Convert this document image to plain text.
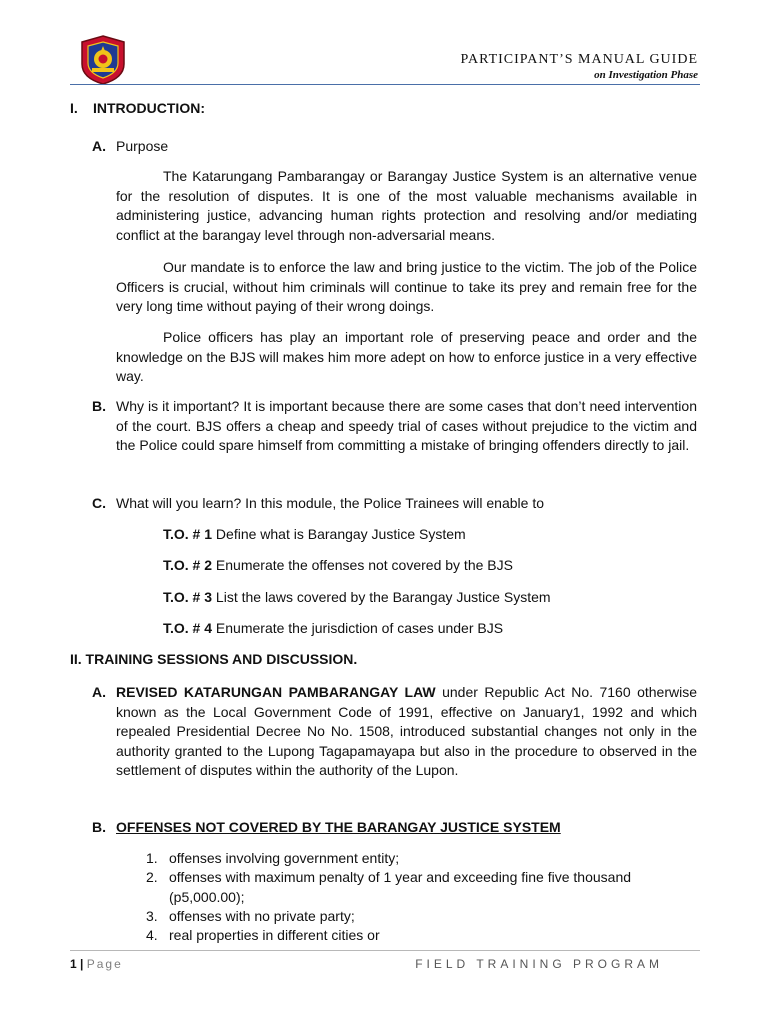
PARTICIPANT’S MANUAL GUIDE
on Investigation Phase
I. INTRODUCTION:
A. Purpose
The Katarungang Pambarangay or Barangay Justice System is an alternative venue for the resolution of disputes. It is one of the most valuable mechanisms available in administering justice, advancing human rights protection and resolving and/or mediating conflict at the barangay level through non-adversarial means.
Our mandate is to enforce the law and bring justice to the victim. The job of the Police Officers is crucial, without him criminals will continue to take its prey and remain free for the very long time without paying of their wrong doings.
Police officers has play an important role of preserving peace and order and the knowledge on the BJS will makes him more adept on how to enforce justice in a very effective way.
B. Why is it important? It is important because there are some cases that don’t need intervention of the court. BJS offers a cheap and speedy trial of cases without prejudice to the victim and the Police could spare himself from committing a mistake of bringing offenders directly to jail.
C. What will you learn? In this module, the Police Trainees will enable to
T.O. # 1 Define what is Barangay Justice System
T.O. # 2 Enumerate the offenses not covered by the BJS
T.O. # 3 List the laws covered by the Barangay Justice System
T.O. # 4 Enumerate the jurisdiction of cases under BJS
II. TRAINING SESSIONS AND DISCUSSION.
A. REVISED KATARUNGAN PAMBARANGAY LAW under Republic Act No. 7160 otherwise known as the Local Government Code of 1991, effective on January1, 1992 and which repealed Presidential Decree No No. 1508, introduced substantial changes not only in the authority granted to the Lupong Tagapamayapa but also in the procedure to observed in the settlement of disputes within the authority of the Lupon.
B. OFFENSES NOT COVERED BY THE BARANGAY JUSTICE SYSTEM
1. offenses involving government entity;
2. offenses with maximum penalty of 1 year and exceeding fine five thousand (p5,000.00);
3. offenses with no private party;
4. real properties in different cities or
1 | Page	FIELD TRAINING PROGRAM
